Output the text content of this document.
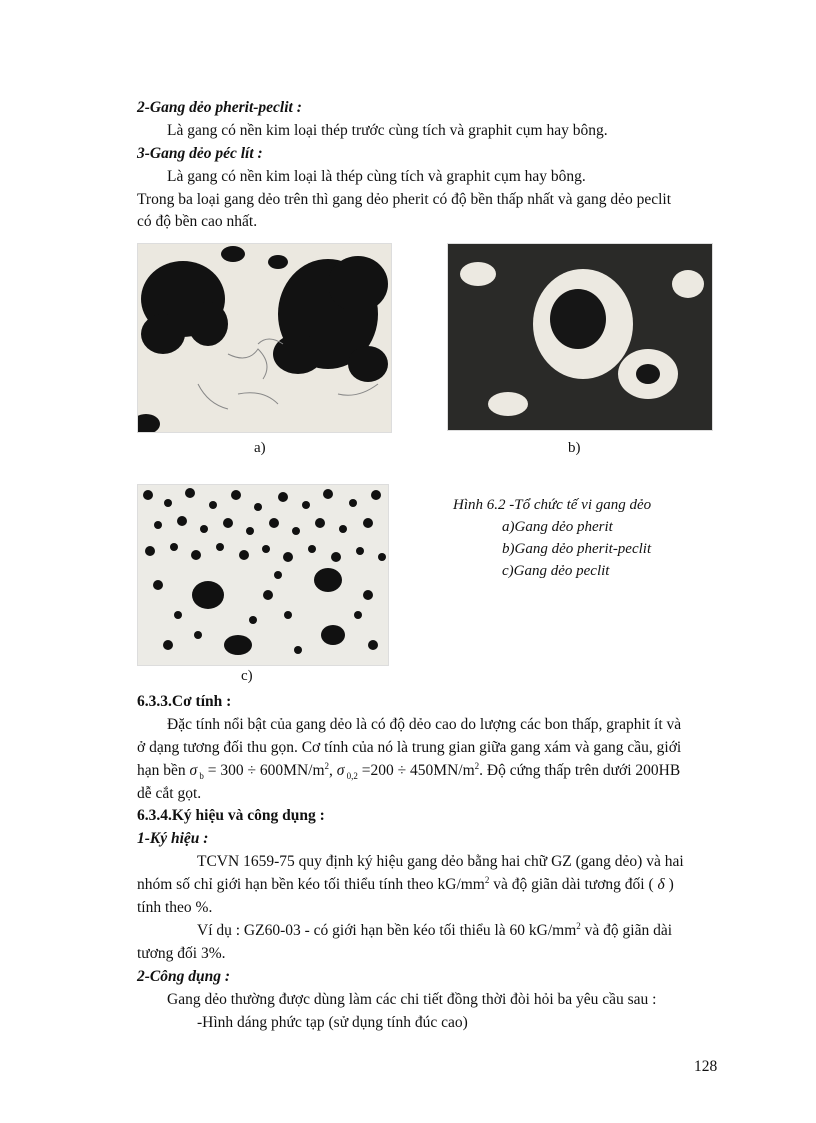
2-Gang dẻo pherit-peclit :
Là gang có nền kim loại thép trước cùng tích và graphit cụm hay bông.
3-Gang dẻo péc lít :
Là gang có nền kim loại là thép cùng tích và graphit cụm hay bông.
Trong ba loại gang dẻo trên thì gang dẻo pherit có độ bền thấp nhất và gang dẻo peclit
có độ bền cao nhất.
a)	b)
c)
Hình 6.2 -Tổ chức tế vi gang dẻo
a)Gang dẻo pherit
b)Gang dẻo pherit-peclit
c)Gang dẻo peclit
6.3.3.Cơ tính :
Đặc tính nổi bật của gang dẻo là có độ dẻo cao do lượng các bon thấp, graphit ít và
ở dạng tương đối thu gọn. Cơ tính của nó là trung gian giữa gang xám và gang cầu, giới
hạn bền σ $_b = 300 \div 600MN/m^2$, σ $_{0,2} =200 \div 450MN/m^2$. Độ cứng thấp trên dưới 200HB
dễ cắt gọt.
6.3.4.Ký hiệu và công dụng :
1-Ký hiệu :
TCVN 1659-75 quy định ký hiệu gang dẻo bằng hai chữ GZ (gang dẻo) và hai
nhóm số chỉ giới hạn bền kéo tối thiểu tính theo $kG/mm^2$ và độ giãn dài tương đối ( δ )
tính theo %.
Ví dụ : GZ60-03 - có giới hạn bền kéo tối thiểu là 60 $kG/mm^2$ và độ giãn dài
tương đối 3%.
2-Công dụng :
Gang dẻo thường được dùng làm các chi tiết đồng thời đòi hỏi ba yêu cầu sau :
-Hình dáng phức tạp (sử dụng tính đúc cao)
128
